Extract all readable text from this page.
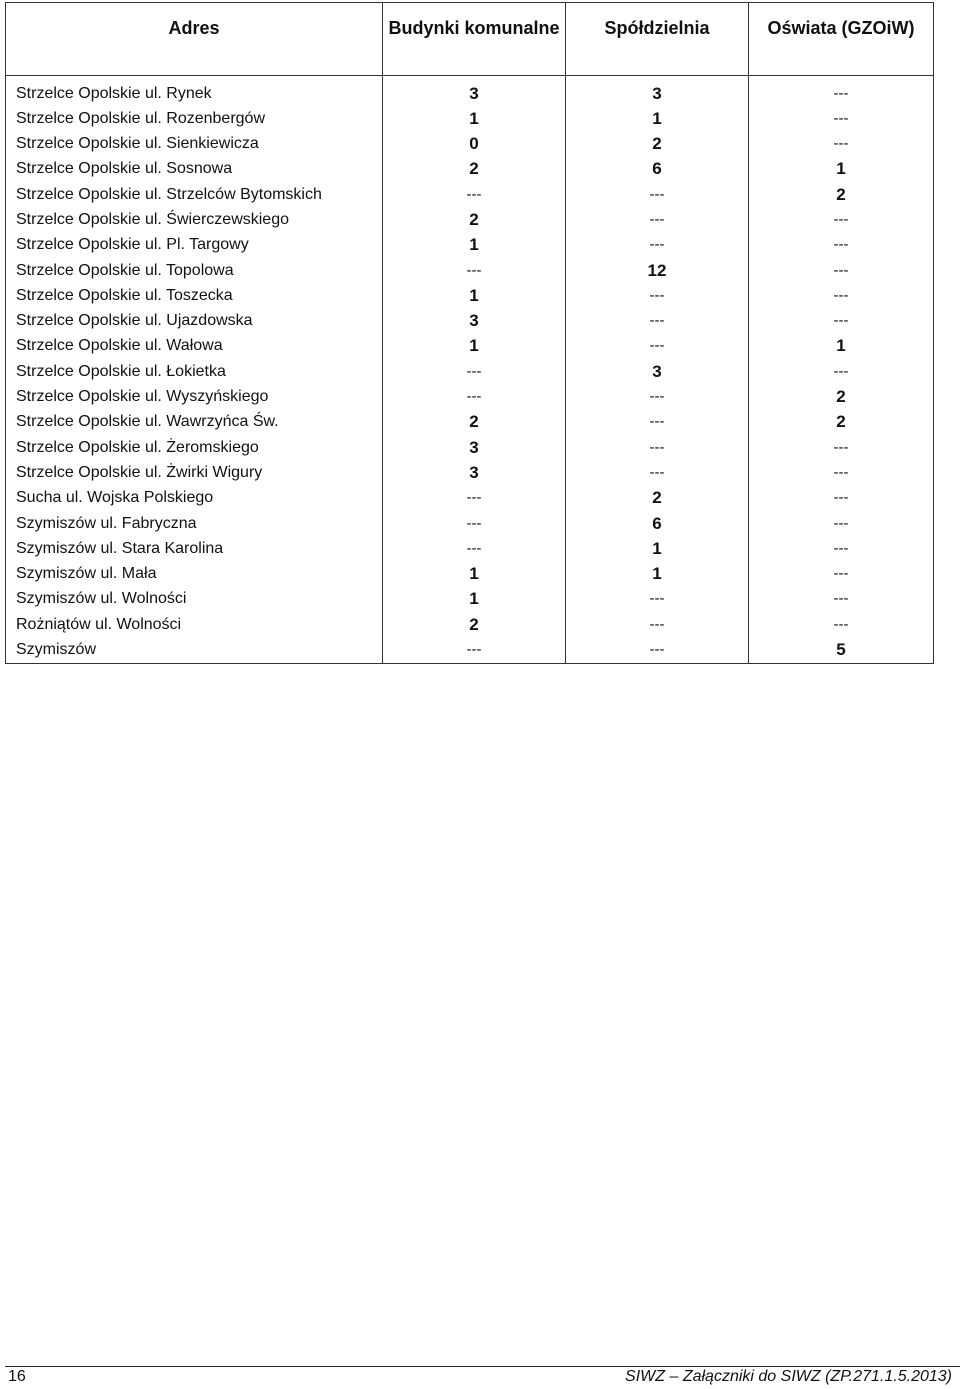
Adres	Budynki komunalne	Spółdzielnia	Oświata (GZOiW)
Strzelce Opolskie ul. Rynek	3	3	---
Strzelce Opolskie ul. Rozenbergów	1	1	---
Strzelce Opolskie ul. Sienkiewicza	0	2	---
Strzelce Opolskie ul. Sosnowa	2	6	1
Strzelce Opolskie ul. Strzelców Bytomskich	---	---	2
Strzelce Opolskie ul. Świerczewskiego	2	---	---
Strzelce Opolskie ul. Pl. Targowy	1	---	---
Strzelce Opolskie ul. Topolowa	---	12	---
Strzelce Opolskie ul. Toszecka	1	---	---
Strzelce Opolskie ul. Ujazdowska	3	---	---
Strzelce Opolskie ul. Wałowa	1	---	1
Strzelce Opolskie ul. Łokietka	---	3	---
Strzelce Opolskie ul. Wyszyńskiego	---	---	2
Strzelce Opolskie ul. Wawrzyńca Św.	2	---	2
Strzelce Opolskie ul. Żeromskiego	3	---	---
Strzelce Opolskie ul. Żwirki Wigury	3	---	---
Sucha ul. Wojska Polskiego	---	2	---
Szymiszów ul. Fabryczna	---	6	---
Szymiszów ul. Stara Karolina	---	1	---
Szymiszów ul. Mała	1	1	---
Szymiszów ul. Wolności	1	---	---
Rożniątów ul. Wolności	2	---	---
Szymiszów	---	---	5
16	SIWZ – Załączniki do SIWZ (ZP.271.1.5.2013)
